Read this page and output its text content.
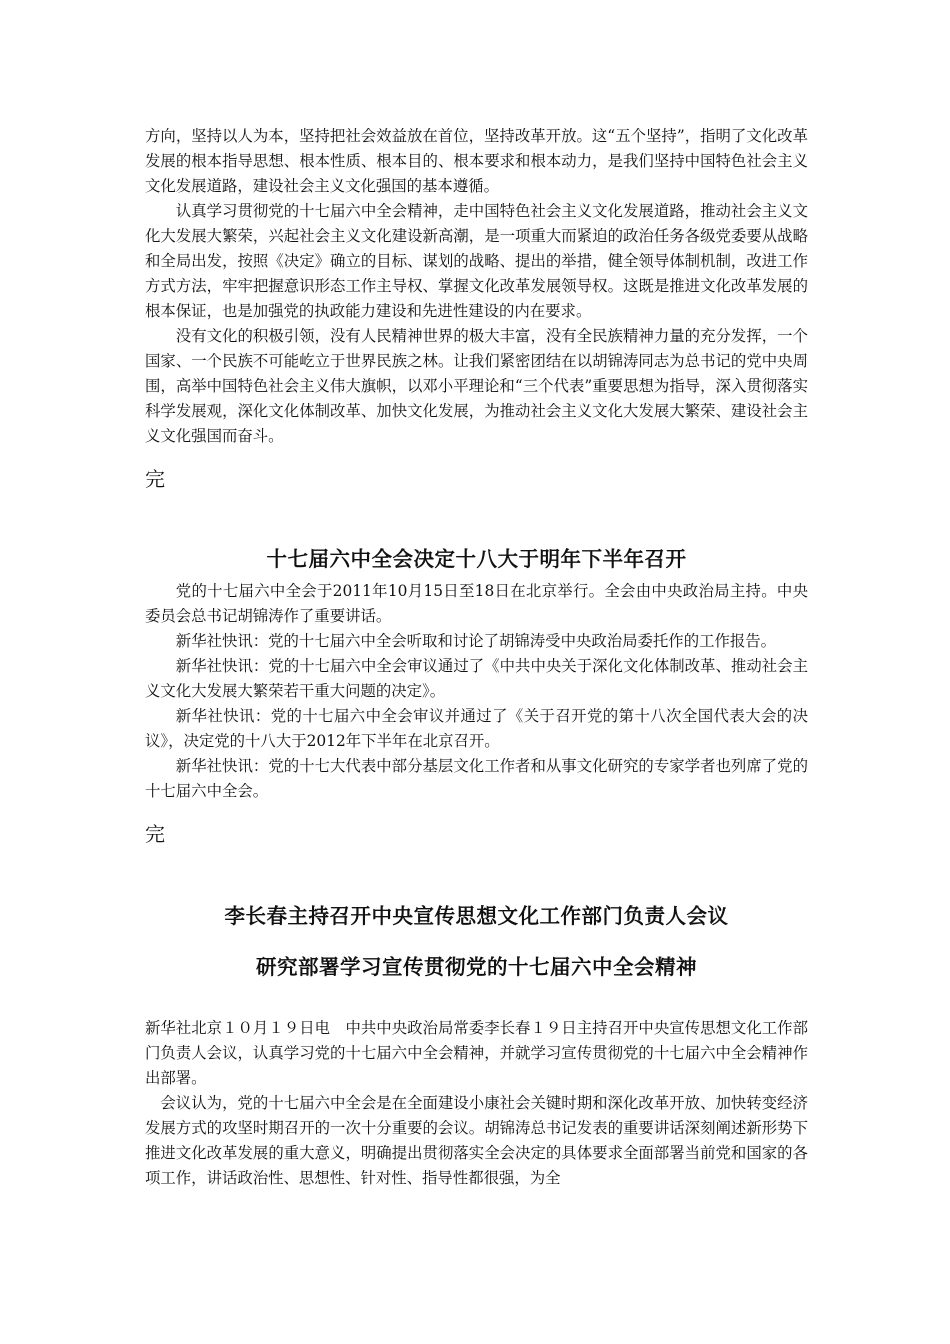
方向，坚持以人为本，坚持把社会效益放在首位，坚持改革开放。这“五个坚持”，指明了文化改革发展的根本指导思想、根本性质、根本目的、根本要求和根本动力，是我们坚持中国特色社会主义文化发展道路，建设社会主义文化强国的基本遵循。

认真学习贯彻党的十七届六中全会精神，走中国特色社会主义文化发展道路，推动社会主义文化大发展大繁荣，兴起社会主义文化建设新高潮，是一项重大而紧迫的政治任务各级党委要从战略和全局出发，按照《决定》确立的目标、谋划的战略、提出的举措，健全领导体制机制，改进工作方式方法，牢牢把握意识形态工作主导权、掌握文化改革发展领导权。这既是推进文化改革发展的根本保证，也是加强党的执政能力建设和先进性建设的内在要求。

没有文化的积极引领，没有人民精神世界的极大丰富，没有全民族精神力量的充分发挥，一个国家、一个民族不可能屹立于世界民族之林。让我们紧密团结在以胡锦涛同志为总书记的党中央周围，高举中国特色社会主义伟大旗帜，以邓小平理论和“三个代表”重要思想为指导，深入贯彻落实科学发展观，深化文化体制改革、加快文化发展，为推动社会主义文化大发展大繁荣、建设社会主义文化强国而奋斗。

完

十七届六中全会决定十八大于明年下半年召开

党的十七届六中全会于2011年10月15日至18日在北京举行。全会由中央政治局主持。中央委员会总书记胡锦涛作了重要讲话。

新华社快讯：党的十七届六中全会听取和讨论了胡锦涛受中央政治局委托作的工作报告。

新华社快讯：党的十七届六中全会审议通过了《中共中央关于深化文化体制改革、推动社会主义文化大发展大繁荣若干重大问题的决定》。

新华社快讯：党的十七届六中全会审议并通过了《关于召开党的第十八次全国代表大会的决议》，决定党的十八大于2012年下半年在北京召开。

新华社快讯：党的十七大代表中部分基层文化工作者和从事文化研究的专家学者也列席了党的十七届六中全会。

完

李长春主持召开中央宣传思想文化工作部门负责人会议
研究部署学习宣传贯彻党的十七届六中全会精神

新华社北京１０月１９日电　中共中央政治局常委李长春１９日主持召开中央宣传思想文化工作部门负责人会议，认真学习党的十七届六中全会精神，并就学习宣传贯彻党的十七届六中全会精神作出部署。

会议认为，党的十七届六中全会是在全面建设小康社会关键时期和深化改革开放、加快转变经济发展方式的攻坚时期召开的一次十分重要的会议。胡锦涛总书记发表的重要讲话深刻阐述新形势下推进文化改革发展的重大意义，明确提出贯彻落实全会决定的具体要求全面部署当前党和国家的各项工作，讲话政治性、思想性、针对性、指导性都很强，为全
